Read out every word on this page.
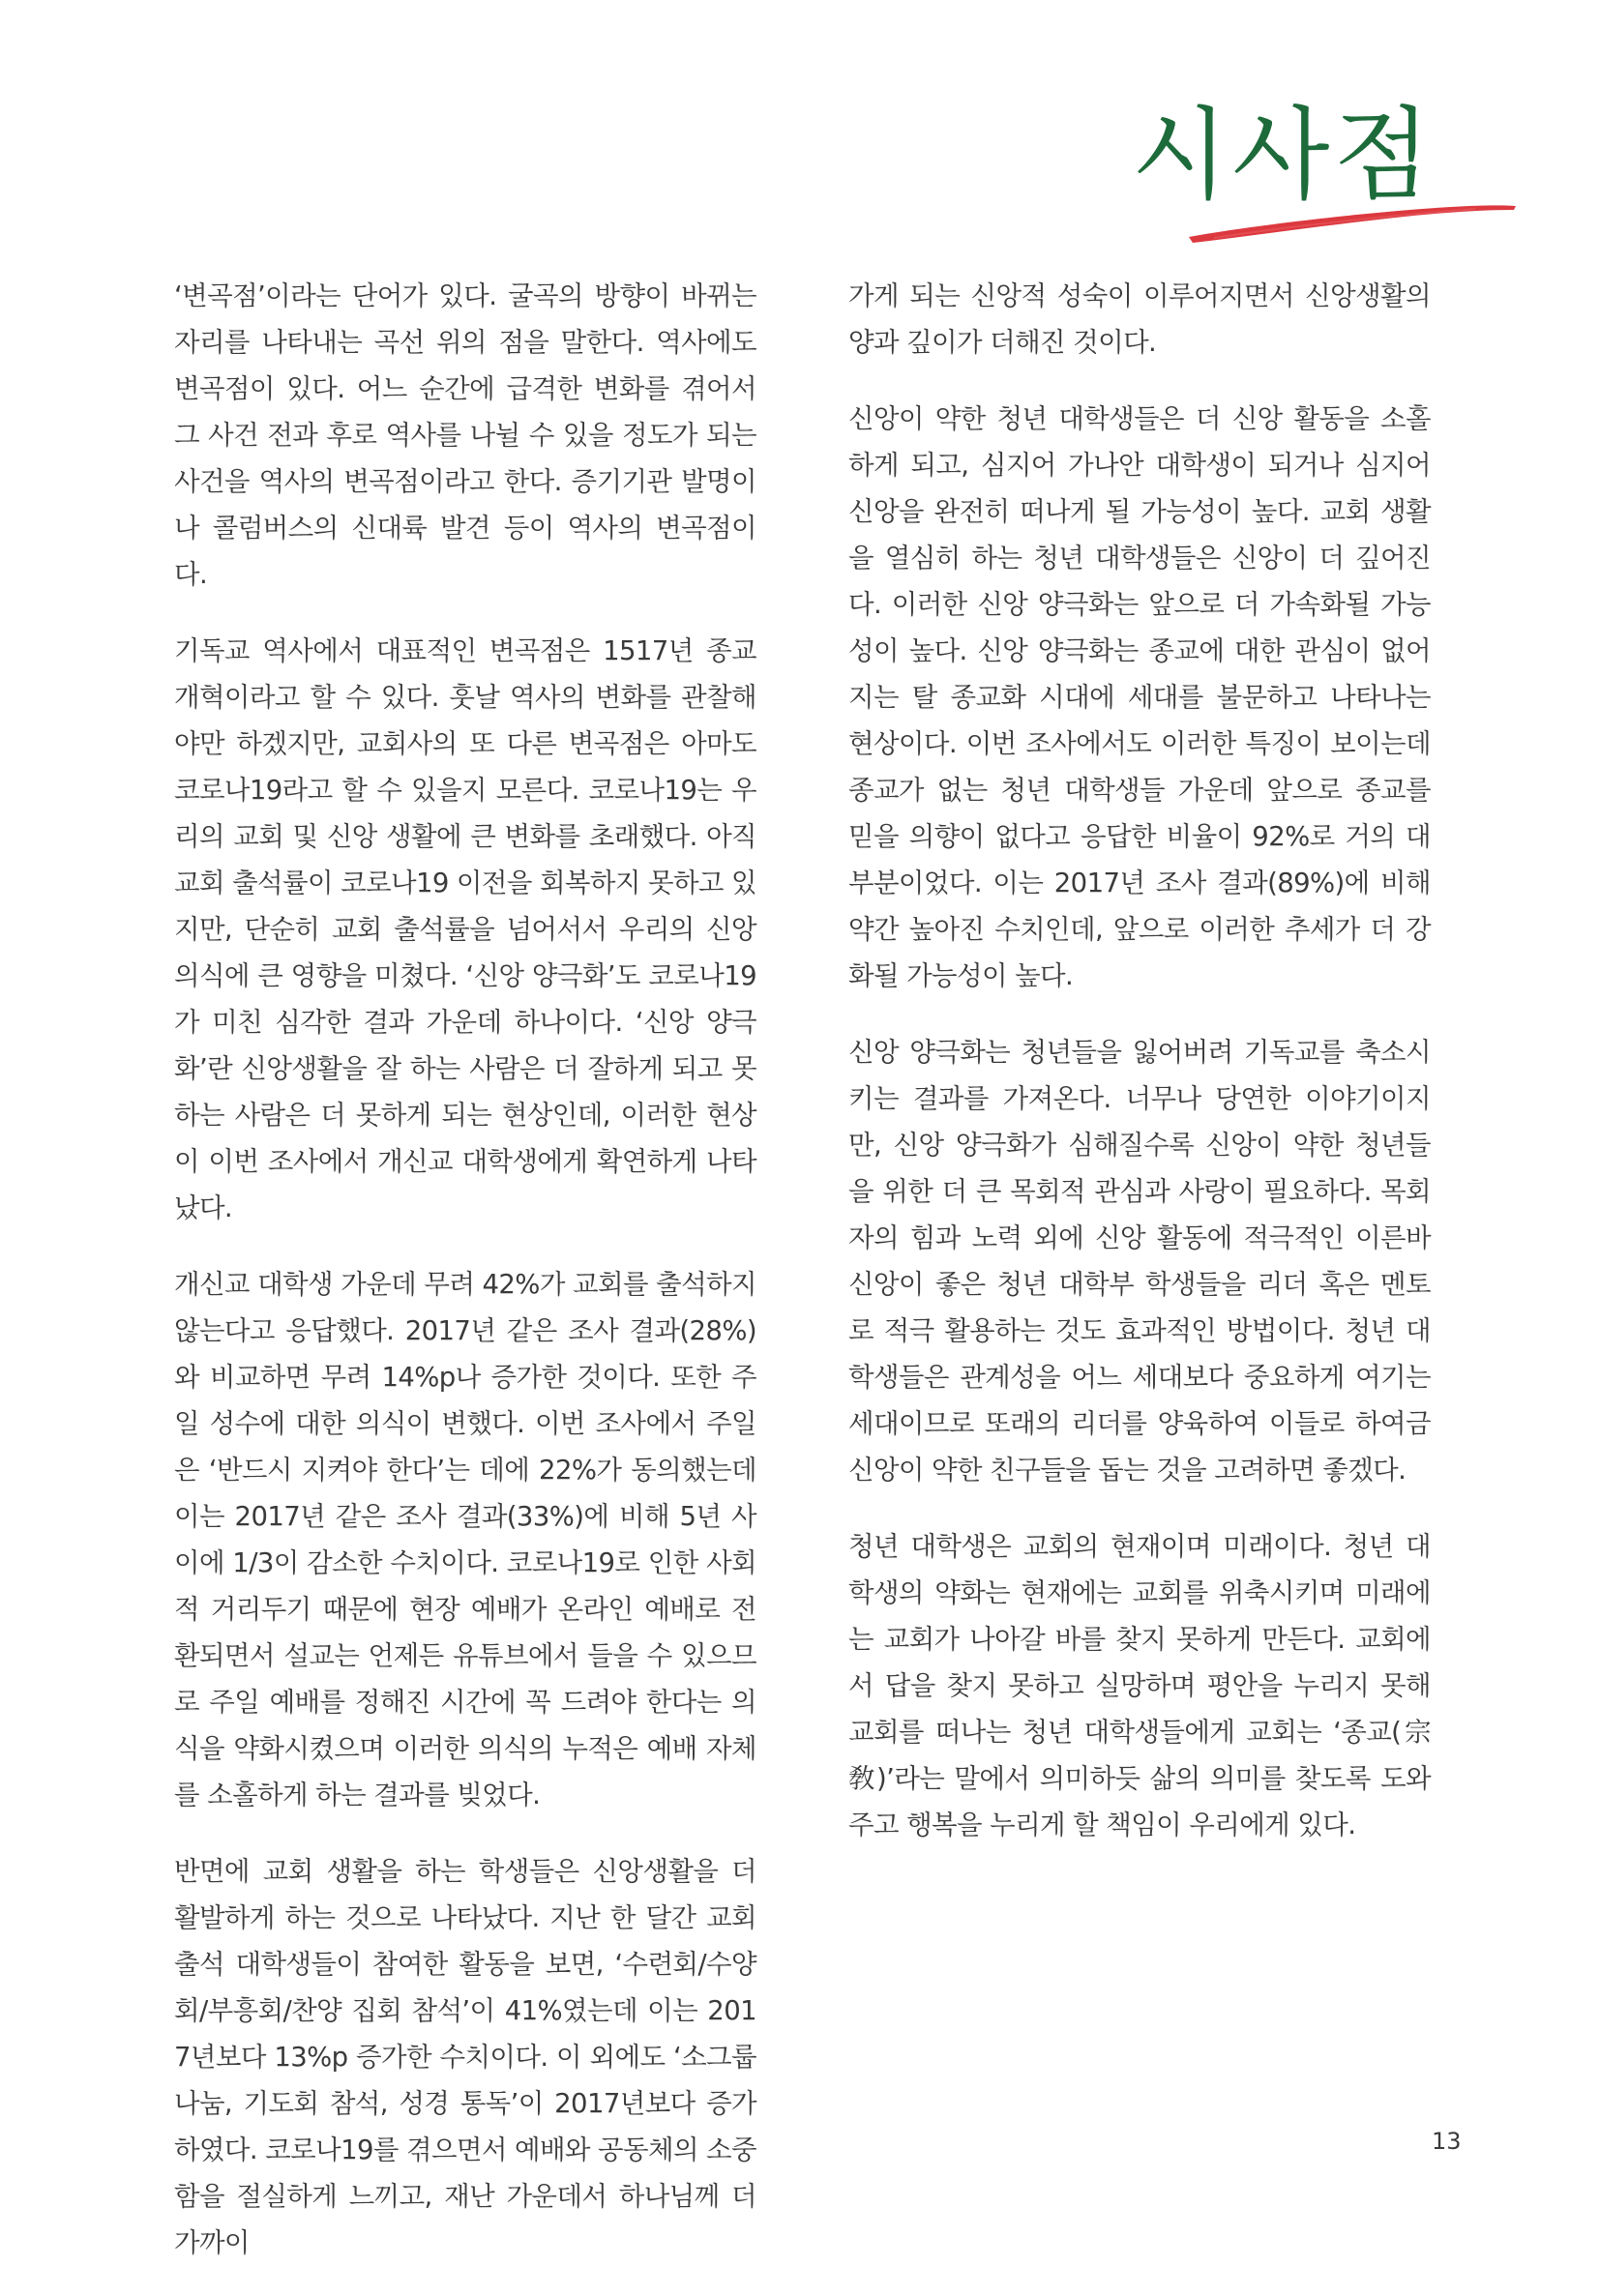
시사점

‘변곡점’이라는 단어가 있다. 굴곡의 방향이 바뀌는 자리를 나타내는 곡선 위의 점을 말한다. 역사에도 변곡점이 있다. 어느 순간에 급격한 변화를 겪어서 그 사건 전과 후로 역사를 나뉠 수 있을 정도가 되는 사건을 역사의 변곡점이라고 한다. 증기기관 발명이나 콜럼버스의 신대륙 발견 등이 역사의 변곡점이다.

기독교 역사에서 대표적인 변곡점은 1517년 종교 개혁이라고 할 수 있다. 훗날 역사의 변화를 관찰해야만 하겠지만, 교회사의 또 다른 변곡점은 아마도 코로나19라고 할 수 있을지 모른다. 코로나19는 우리의 교회 및 신앙 생활에 큰 변화를 초래했다. 아직 교회 출석률이 코로나19 이전을 회복하지 못하고 있지만, 단순히 교회 출석률을 넘어서서 우리의 신앙 의식에 큰 영향을 미쳤다. ‘신앙 양극화’도 코로나19가 미친 심각한 결과 가운데 하나이다. ‘신앙 양극화’란 신앙생활을 잘 하는 사람은 더 잘하게 되고 못하는 사람은 더 못하게 되는 현상인데, 이러한 현상이 이번 조사에서 개신교 대학생에게 확연하게 나타났다.

개신교 대학생 가운데 무려 42%가 교회를 출석하지 않는다고 응답했다. 2017년 같은 조사 결과(28%)와 비교하면 무려 14%p나 증가한 것이다. 또한 주일 성수에 대한 의식이 변했다. 이번 조사에서 주일은 ‘반드시 지켜야 한다’는 데에 22%가 동의했는데 이는 2017년 같은 조사 결과(33%)에 비해 5년 사이에 1/3이 감소한 수치이다. 코로나19로 인한 사회적 거리두기 때문에 현장 예배가 온라인 예배로 전환되면서 설교는 언제든 유튜브에서 들을 수 있으므로 주일 예배를 정해진 시간에 꼭 드려야 한다는 의식을 약화시켰으며 이러한 의식의 누적은 예배 자체를 소홀하게 하는 결과를 빚었다.

반면에 교회 생활을 하는 학생들은 신앙생활을 더 활발하게 하는 것으로 나타났다. 지난 한 달간 교회 출석 대학생들이 참여한 활동을 보면, ‘수련회/수양회/부흥회/찬양 집회 참석’이 41%였는데 이는 2017년보다 13%p 증가한 수치이다. 이 외에도 ‘소그룹 나눔, 기도회 참석, 성경 통독’이 2017년보다 증가하였다. 코로나19를 겪으면서 예배와 공동체의 소중함을 절실하게 느끼고, 재난 가운데서 하나님께 더 가까이

가게 되는 신앙적 성숙이 이루어지면서 신앙생활의 양과 깊이가 더해진 것이다.

신앙이 약한 청년 대학생들은 더 신앙 활동을 소홀하게 되고, 심지어 가나안 대학생이 되거나 심지어 신앙을 완전히 떠나게 될 가능성이 높다. 교회 생활을 열심히 하는 청년 대학생들은 신앙이 더 깊어진다. 이러한 신앙 양극화는 앞으로 더 가속화될 가능성이 높다. 신앙 양극화는 종교에 대한 관심이 없어지는 탈 종교화 시대에 세대를 불문하고 나타나는 현상이다. 이번 조사에서도 이러한 특징이 보이는데 종교가 없는 청년 대학생들 가운데 앞으로 종교를 믿을 의향이 없다고 응답한 비율이 92%로 거의 대부분이었다. 이는 2017년 조사 결과(89%)에 비해 약간 높아진 수치인데, 앞으로 이러한 추세가 더 강화될 가능성이 높다.

신앙 양극화는 청년들을 잃어버려 기독교를 축소시키는 결과를 가져온다. 너무나 당연한 이야기이지만, 신앙 양극화가 심해질수록 신앙이 약한 청년들을 위한 더 큰 목회적 관심과 사랑이 필요하다. 목회자의 힘과 노력 외에 신앙 활동에 적극적인 이른바 신앙이 좋은 청년 대학부 학생들을 리더 혹은 멘토로 적극 활용하는 것도 효과적인 방법이다. 청년 대학생들은 관계성을 어느 세대보다 중요하게 여기는 세대이므로 또래의 리더를 양육하여 이들로 하여금 신앙이 약한 친구들을 돕는 것을 고려하면 좋겠다.

청년 대학생은 교회의 현재이며 미래이다. 청년 대학생의 약화는 현재에는 교회를 위축시키며 미래에는 교회가 나아갈 바를 찾지 못하게 만든다. 교회에서 답을 찾지 못하고 실망하며 평안을 누리지 못해 교회를 떠나는 청년 대학생들에게 교회는 ‘종교(宗敎)’라는 말에서 의미하듯 삶의 의미를 찾도록 도와주고 행복을 누리게 할 책임이 우리에게 있다.

13
